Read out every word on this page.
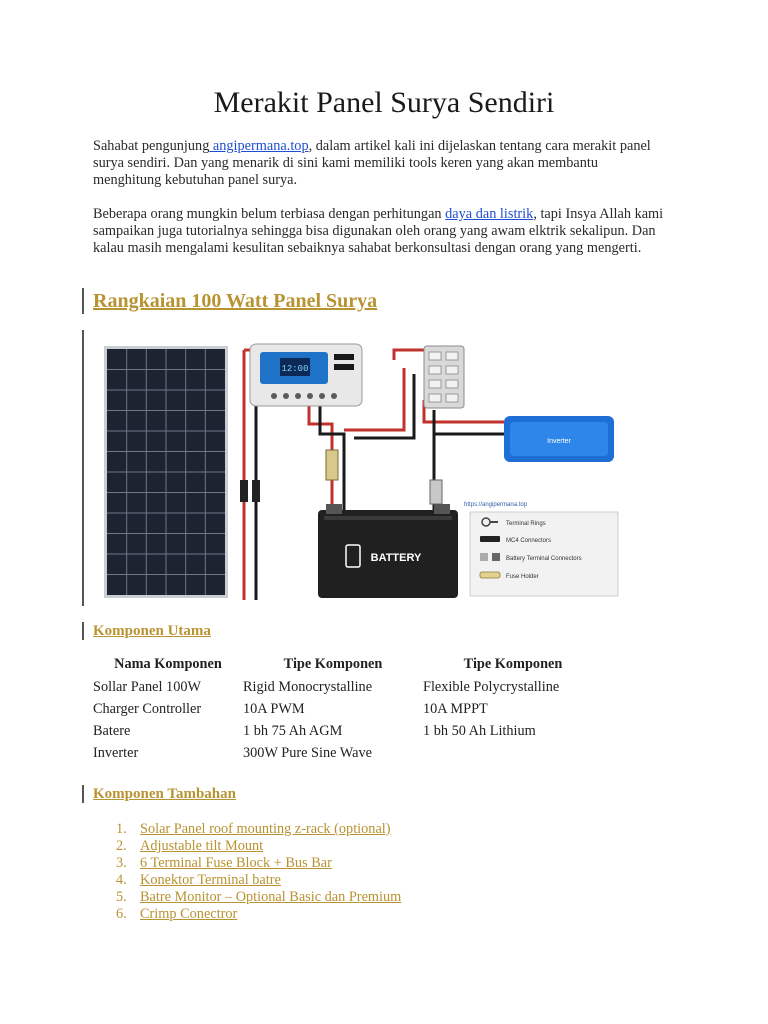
Merakit Panel Surya Sendiri

Sahabat pengunjung angipermana.top, dalam artikel kali ini dijelaskan tentang cara merakit panel surya sendiri. Dan yang menarik di sini kami memiliki tools keren yang akan membantu menghitung kebutuhan panel surya.

Beberapa orang mungkin belum terbiasa dengan perhitungan daya dan listrik, tapi Insya Allah kami sampaikan juga tutorialnya sehingga bisa digunakan oleh orang yang awam elktrik sekalipun. Dan kalau masih mengalami kesulitan sebaiknya sahabat berkonsultasi dengan orang yang mengerti.

Rangkaian 100 Watt Panel Surya
12:00
Inverter
BATTERY
https://angipermana.top
Terminal Rings
MC4 Connectors
Battery Terminal Connectors
Fuse Holder
Komponen Utama
Nama Komponen	Tipe Komponen	Tipe Komponen
Sollar Panel 100W	Rigid Monocrystalline	Flexible Polycrystalline
Charger Controller	10A PWM	10A MPPT
Batere	1 bh 75 Ah AGM	1 bh 50 Ah Lithium
Inverter	300W Pure Sine Wave	
Komponen Tambahan
1. Solar Panel roof mounting z-rack (optional)
2. Adjustable tilt Mount
3. 6 Terminal Fuse Block + Bus Bar
4. Konektor Terminal batre
5. Batre Monitor – Optional Basic dan Premium
6. Crimp Conectror
